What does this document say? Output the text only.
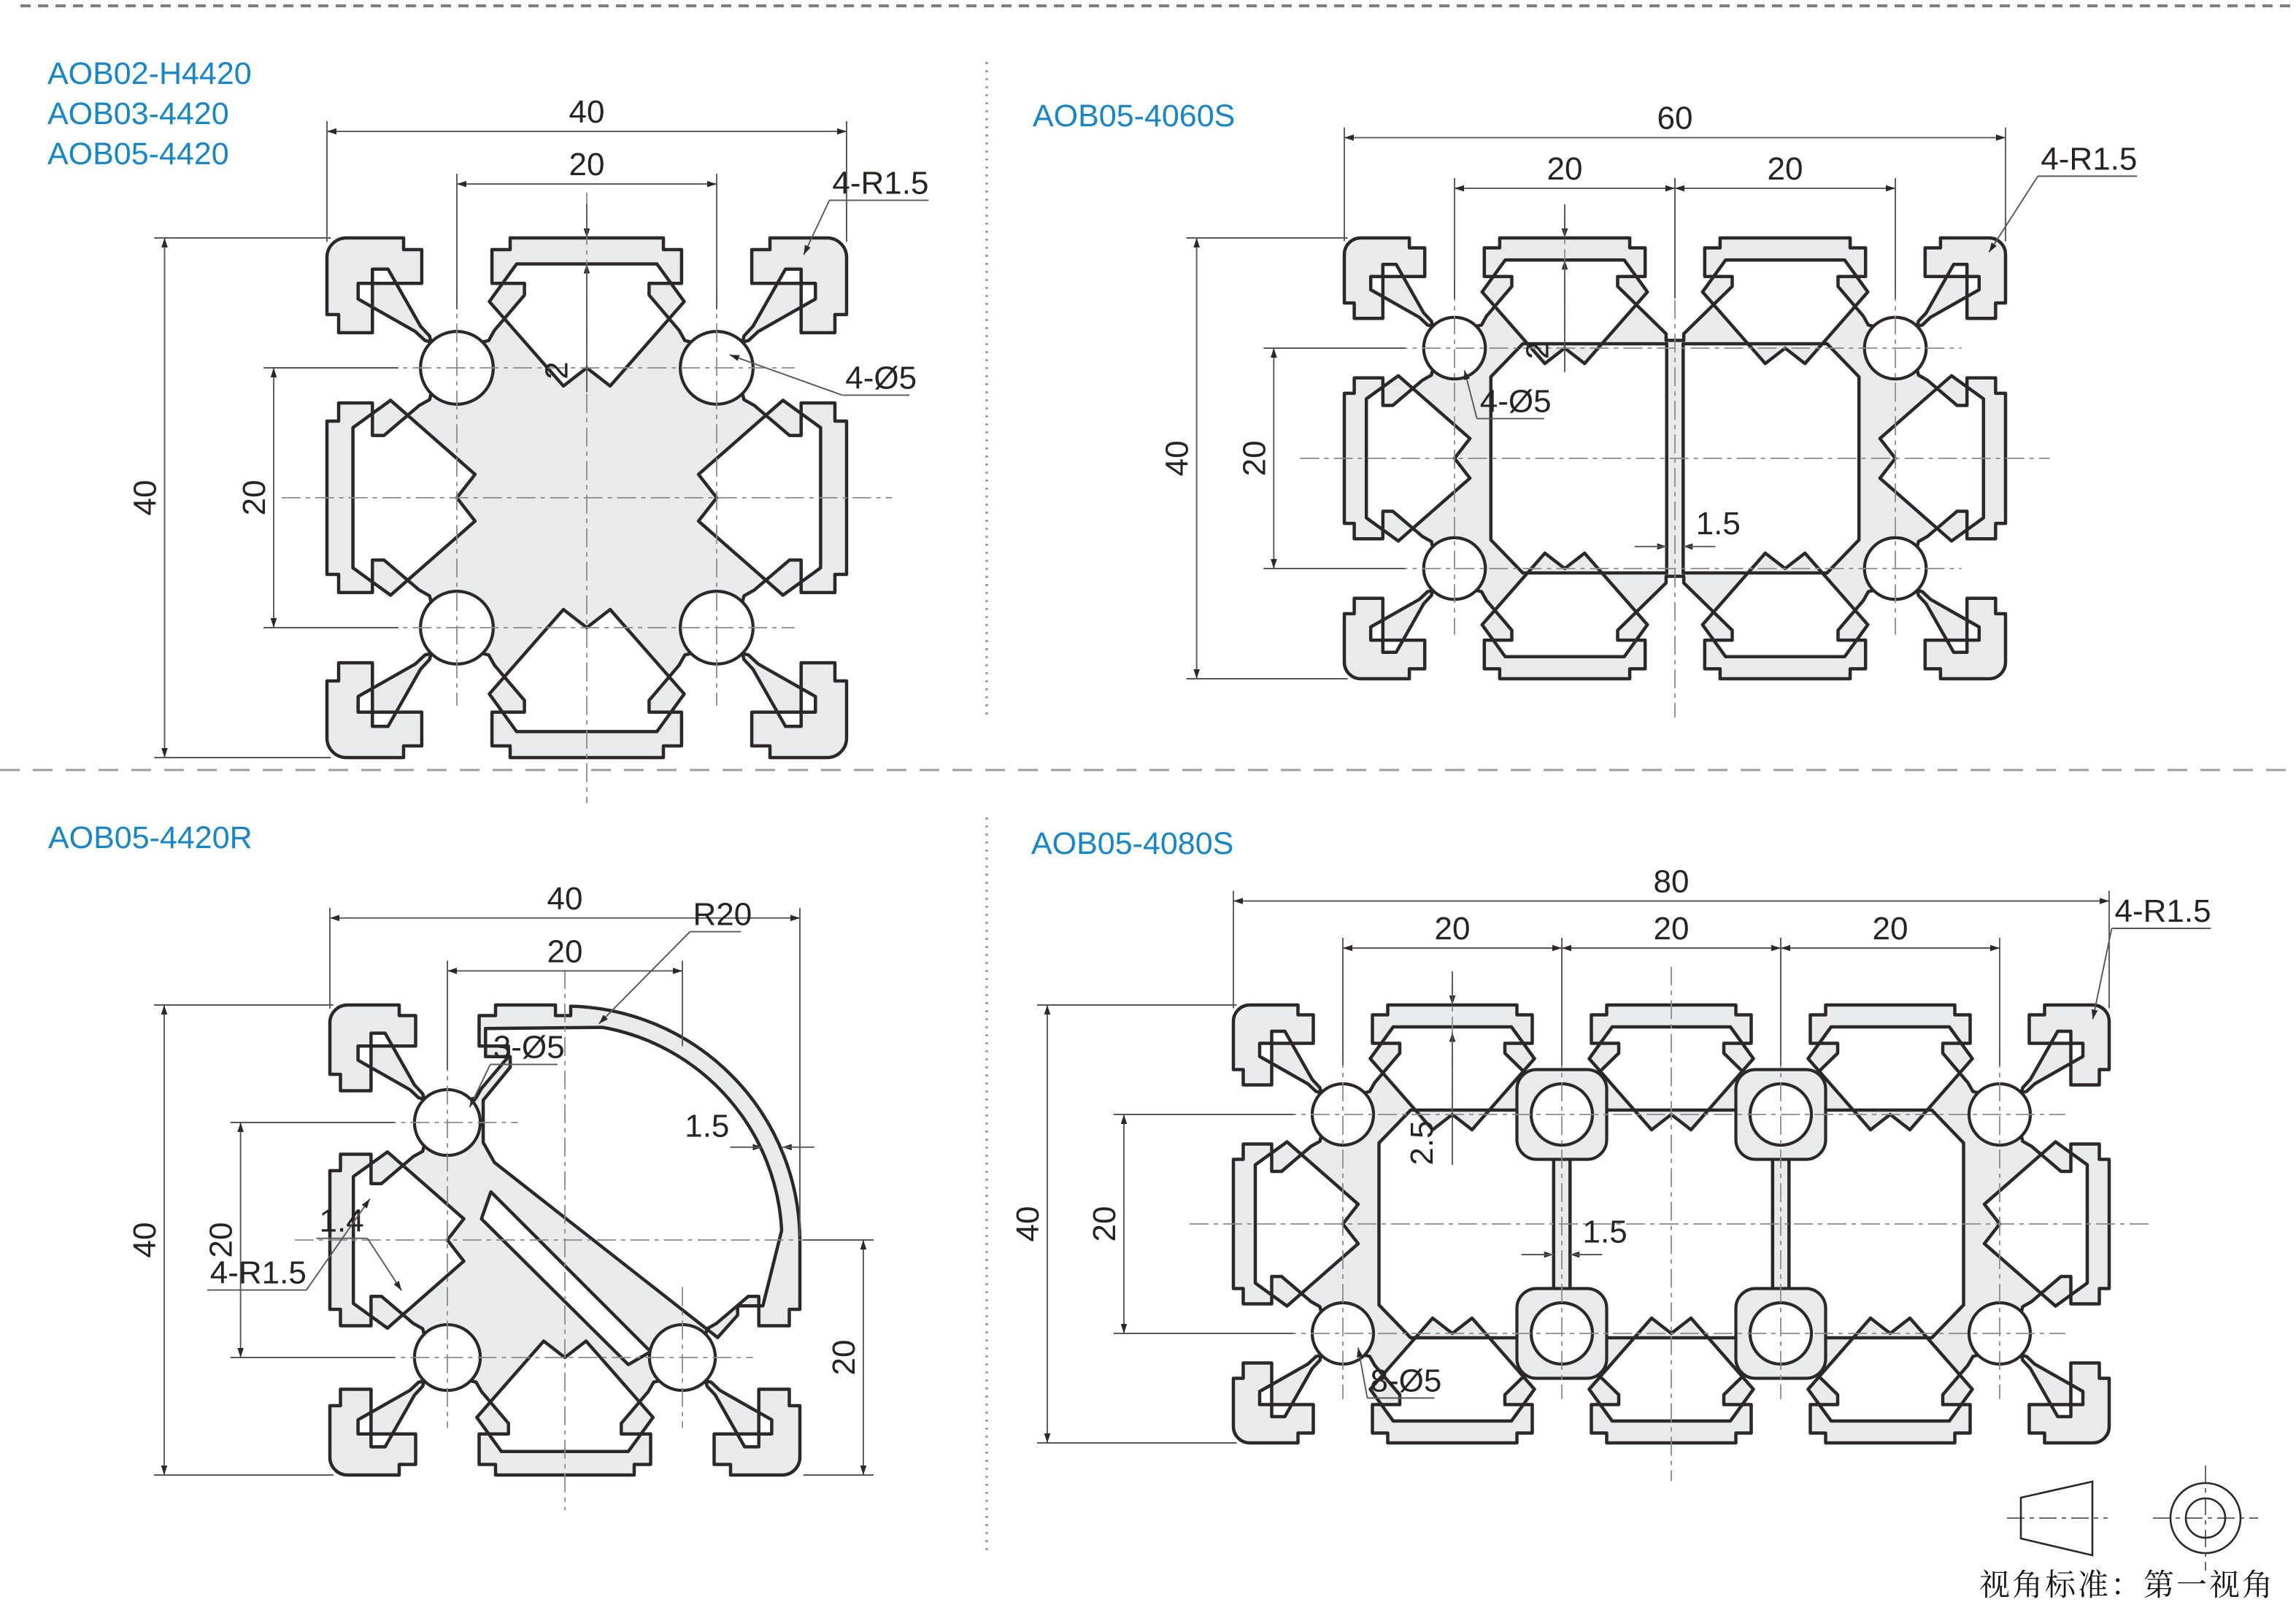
40
20
40 20
2
4-R1.5
4-Ø5
AOB02-H4420
AOB03-4420
AOB05-4420
60
20	20
40 20
2
1.5
4-Ø5
4-R1.5
AOB05-4060S
40
20
40 20
20
1.5
3-Ø5
1.4
4-R1.5
R20
AOB05-4420R
80
20	20	20
40 20
2.5
1.5
8-Ø5
4-R1.5
AOB05-4080S
视角标准：第一视角
